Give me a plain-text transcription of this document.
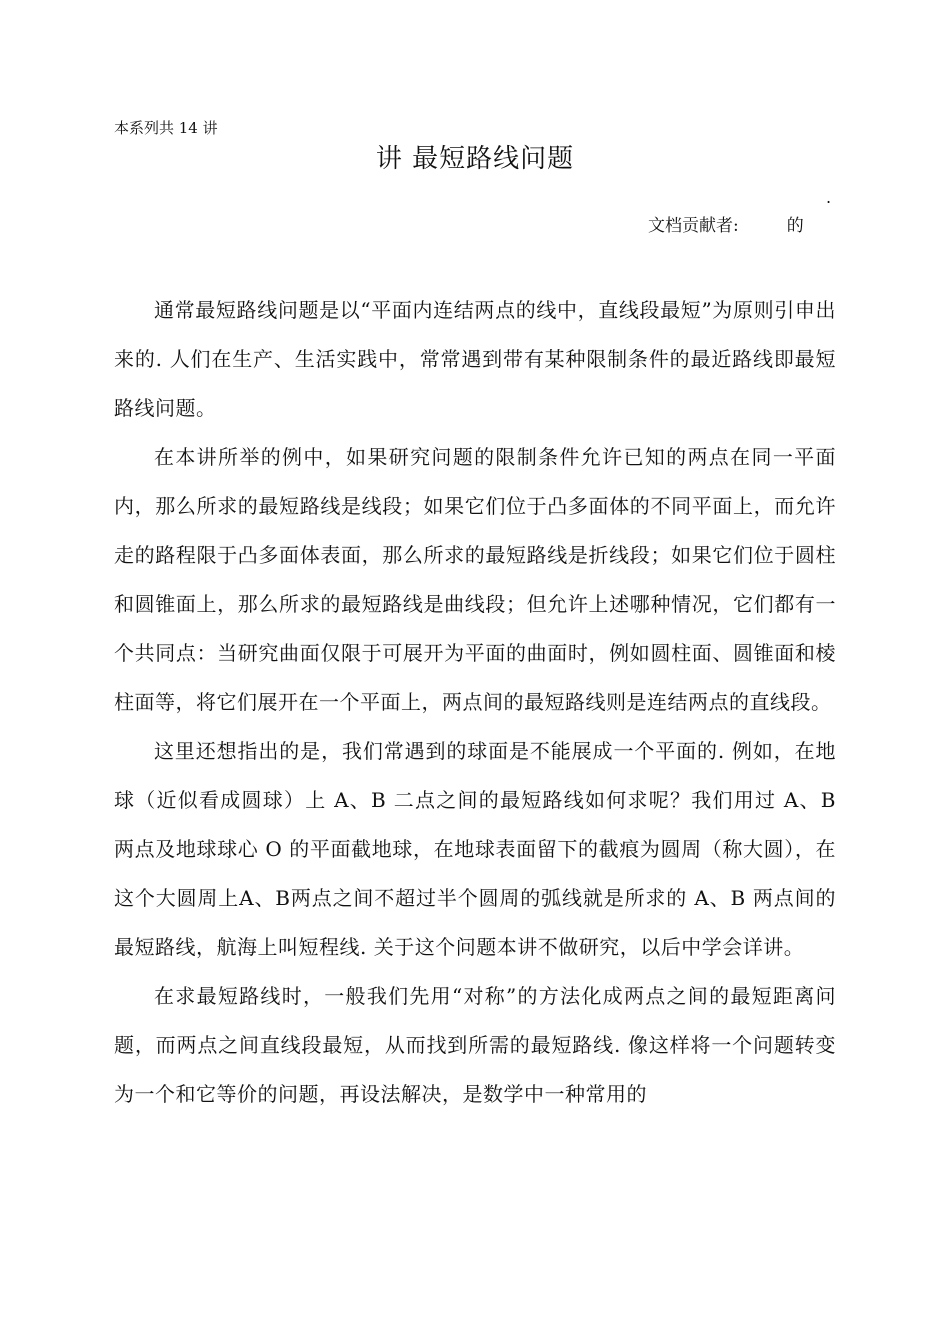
本系列共 14 讲
讲 最短路线问题
.
文档贡献者:	的

通常最短路线问题是以“平面内连结两点的线中，直线段最短”为原则引申出来的. 人们在生产、生活实践中，常常遇到带有某种限制条件的最近路线即最短路线问题。

在本讲所举的例中，如果研究问题的限制条件允许已知的两点在同一平面内，那么所求的最短路线是线段；如果它们位于凸多面体的不同平面上，而允许走的路程限于凸多面体表面，那么所求的最短路线是折线段；如果它们位于圆柱和圆锥面上，那么所求的最短路线是曲线段；但允许上述哪种情况，它们都有一个共同点：当研究曲面仅限于可展开为平面的曲面时，例如圆柱面、圆锥面和棱柱面等，将它们展开在一个平面上，两点间的最短路线则是连结两点的直线段。

这里还想指出的是，我们常遇到的球面是不能展成一个平面的. 例如，在地球（近似看成圆球）上 A、B 二点之间的最短路线如何求呢？我们用过 A、B 两点及地球球心 O 的平面截地球，在地球表面留下的截痕为圆周（称大圆），在这个大圆周上A、B两点之间不超过半个圆周的弧线就是所求的 A、B 两点间的最短路线，航海上叫短程线. 关于这个问题本讲不做研究，以后中学会详讲。

在求最短路线时，一般我们先用“对称”的方法化成两点之间的最短距离问题，而两点之间直线段最短，从而找到所需的最短路线. 像这样将一个问题转变为一个和它等价的问题，再设法解决，是数学中一种常用的
